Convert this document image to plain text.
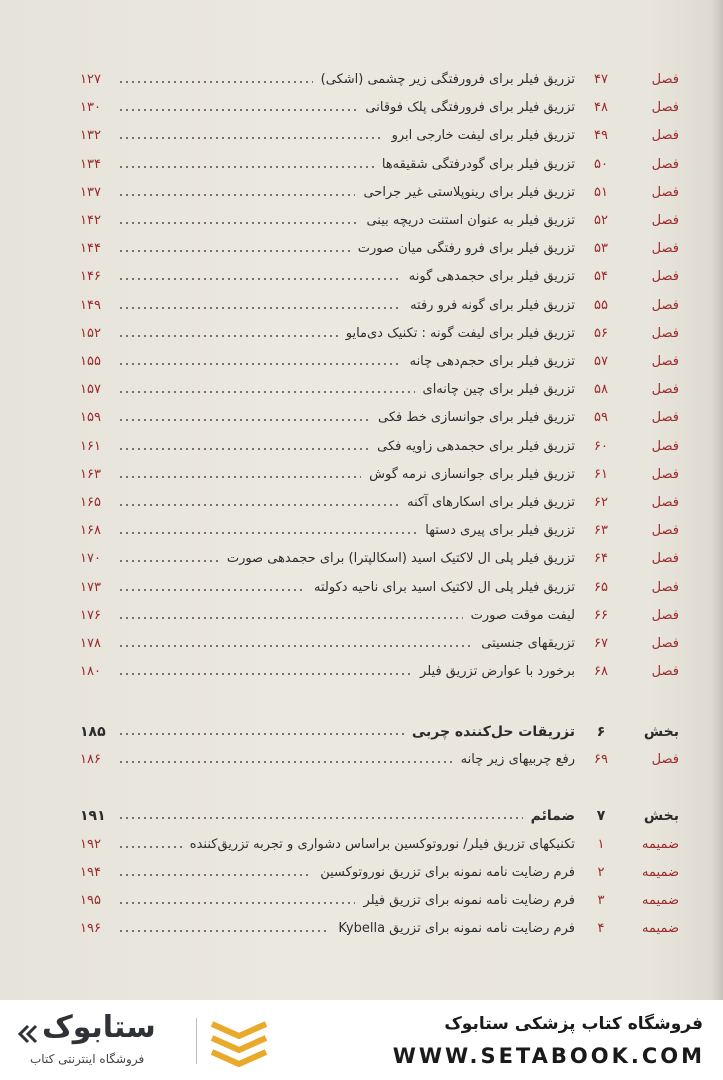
فصل
۴۷
تزریق فیلر برای فرورفتگی زیر چشمی (اشکی)
۱۲۷
فصل
۴۸
تزریق فیلر برای فرورفتگی پلک فوقانی
۱۳۰
فصل
۴۹
تزریق فیلر برای لیفت خارجی ابرو
۱۳۲
فصل
۵۰
تزریق فیلر برای گودرفتگی شقیقه‌ها
۱۳۴
فصل
۵۱
تزریق فیلر برای رینوپلاستی غیر جراحی
۱۳۷
فصل
۵۲
تزریق فیلر به عنوان استنت دریچه بینی
۱۴۲
فصل
۵۳
تزریق فیلر برای فرو رفتگی میان صورت
۱۴۴
فصل
۵۴
تزریق فیلر برای حجمدهی گونه
۱۴۶
فصل
۵۵
تزریق فیلر برای گونه فرو رفته
۱۴۹
فصل
۵۶
تزریق فیلر برای لیفت گونه : تکنیک دی‌مایو
۱۵۲
فصل
۵۷
تزریق فیلر برای حجم‌دهی چانه
۱۵۵
فصل
۵۸
تزریق فیلر برای چین چانه‌ای
۱۵۷
فصل
۵۹
تزریق فیلر برای جوانسازی خط فکی
۱۵۹
فصل
۶۰
تزریق فیلر برای حجمدهی زاویه فکی
۱۶۱
فصل
۶۱
تزریق فیلر برای جوانسازی نرمه گوش
۱۶۳
فصل
۶۲
تزریق فیلر برای اسکارهای آکنه
۱۶۵
فصل
۶۳
تزریق فیلر برای پیری دستها
۱۶۸
فصل
۶۴
تزریق فیلر پلی ال لاکتیک اسید (اسکالپترا) برای حجمدهی صورت
۱۷۰
فصل
۶۵
تزریق فیلر پلی ال لاکتیک اسید برای ناحیه دکولته
۱۷۳
فصل
۶۶
لیفت موقت صورت
۱۷۶
فصل
۶۷
تزریقهای جنسیتی
۱۷۸
فصل
۶۸
برخورد با عوارض تزریق فیلر
۱۸۰
بخش
۶
تزریقات حل‌کننده چربی
۱۸۵
فصل
۶۹
رفع چربیهای زیر چانه
۱۸۶
بخش
۷
ضمائم
۱۹۱
ضمیمه
۱
تکنیکهای تزریق فیلر/ نوروتوکسین براساس دشواری و تجربه تزریق‌کننده
۱۹۲
ضمیمه
۲
فرم رضایت نامه نمونه برای تزریق نوروتوکسین
۱۹۴
ضمیمه
۳
فرم رضایت نامه نمونه برای تزریق فیلر
۱۹۵
ضمیمه
۴
فرم رضایت نامه نمونه برای تزریق Kybella
۱۹۶
فروشگاه کتاب پزشکی ستابوک
WWW.SETABOOK.COM
ستابوک
فروشگاه اینترنتی کتاب
